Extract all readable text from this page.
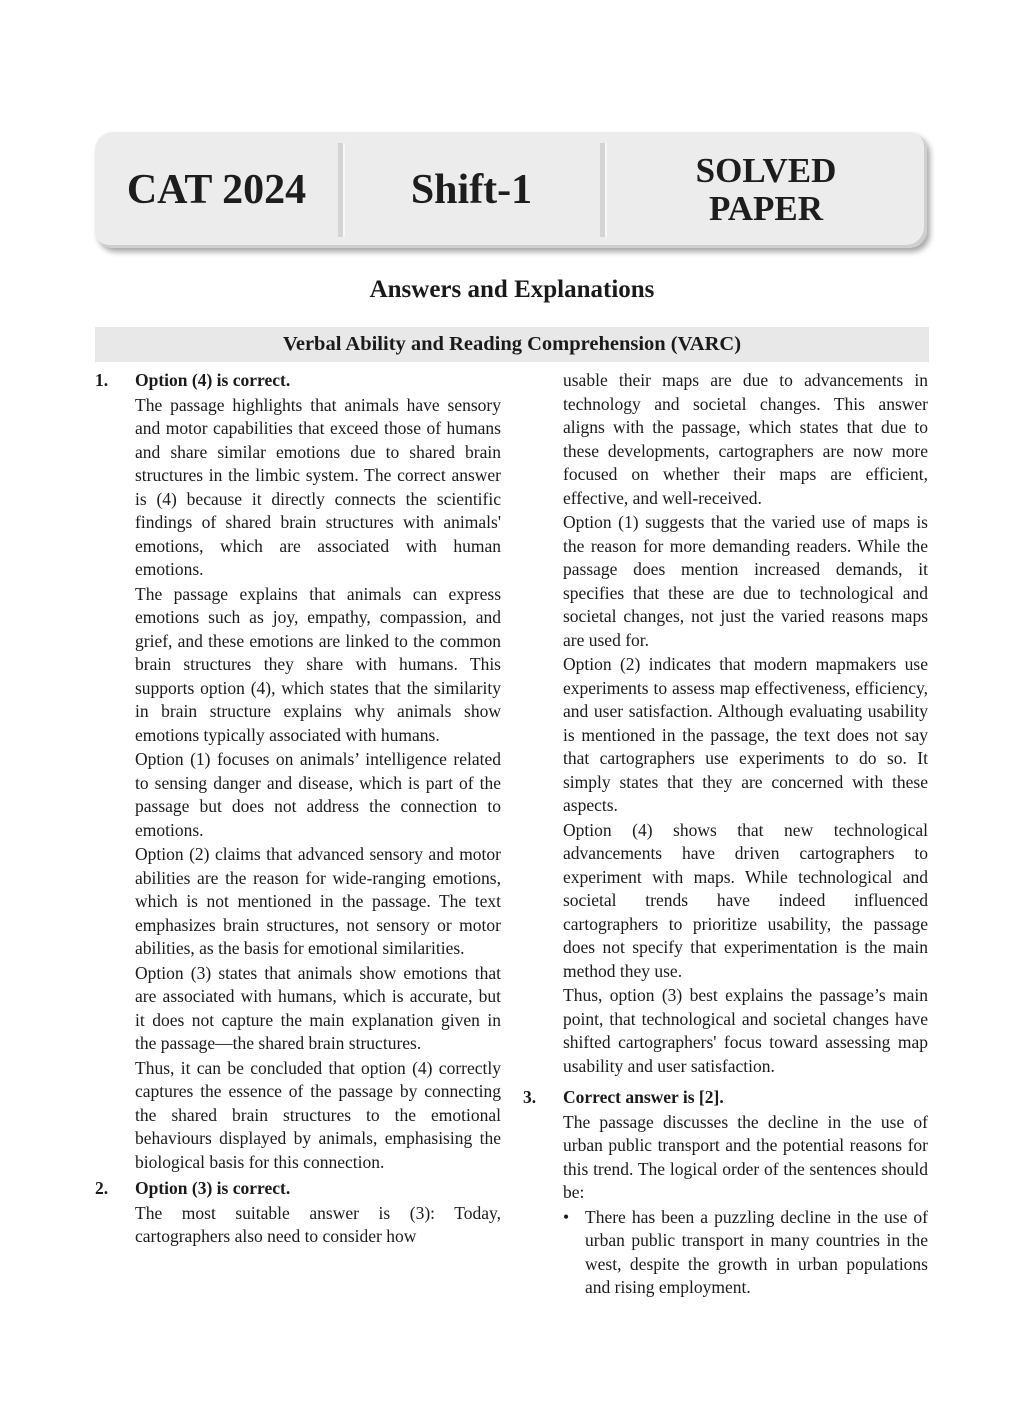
CAT 2024	Shift-1	SOLVED
PAPER
Answers and Explanations
Verbal Ability and Reading Comprehension (VARC)
1. Option (4) is correct.

The passage highlights that animals have sensory and motor capabilities that exceed those of humans and share similar emotions due to shared brain structures in the limbic system. The correct answer is (4) because it directly connects the scientific findings of shared brain structures with animals' emotions, which are associated with human emotions.

The passage explains that animals can express emotions such as joy, empathy, compassion, and grief, and these emotions are linked to the common brain structures they share with humans. This supports option (4), which states that the similarity in brain structure explains why animals show emotions typically associated with humans.

Option (1) focuses on animals’ intelligence related to sensing danger and disease, which is part of the passage but does not address the connection to emotions.

Option (2) claims that advanced sensory and motor abilities are the reason for wide-ranging emotions, which is not mentioned in the passage. The text emphasizes brain structures, not sensory or motor abilities, as the basis for emotional similarities.

Option (3) states that animals show emotions that are associated with humans, which is accurate, but it does not capture the main explanation given in the passage—the shared brain structures.

Thus, it can be concluded that option (4) correctly captures the essence of the passage by connecting the shared brain structures to the emotional behaviours displayed by animals, emphasising the biological basis for this connection.

2. Option (3) is correct.

The most suitable answer is (3): Today, cartographers also need to consider how

usable their maps are due to advancements in technology and societal changes. This answer aligns with the passage, which states that due to these developments, cartographers are now more focused on whether their maps are efficient, effective, and well-received.

Option (1) suggests that the varied use of maps is the reason for more demanding readers. While the passage does mention increased demands, it specifies that these are due to technological and societal changes, not just the varied reasons maps are used for.

Option (2) indicates that modern mapmakers use experiments to assess map effectiveness, efficiency, and user satisfaction. Although evaluating usability is mentioned in the passage, the text does not say that cartographers use experiments to do so. It simply states that they are concerned with these aspects.

Option (4) shows that new technological advancements have driven cartographers to experiment with maps. While technological and societal trends have indeed influenced cartographers to prioritize usability, the passage does not specify that experimentation is the main method they use.

Thus, option (3) best explains the passage’s main point, that technological and societal changes have shifted cartographers' focus toward assessing map usability and user satisfaction.

3. Correct answer is [2].

The passage discusses the decline in the use of urban public transport and the potential reasons for this trend. The logical order of the sentences should be:

• There has been a puzzling decline in the use of urban public transport in many countries in the west, despite the growth in urban populations and rising employment.
